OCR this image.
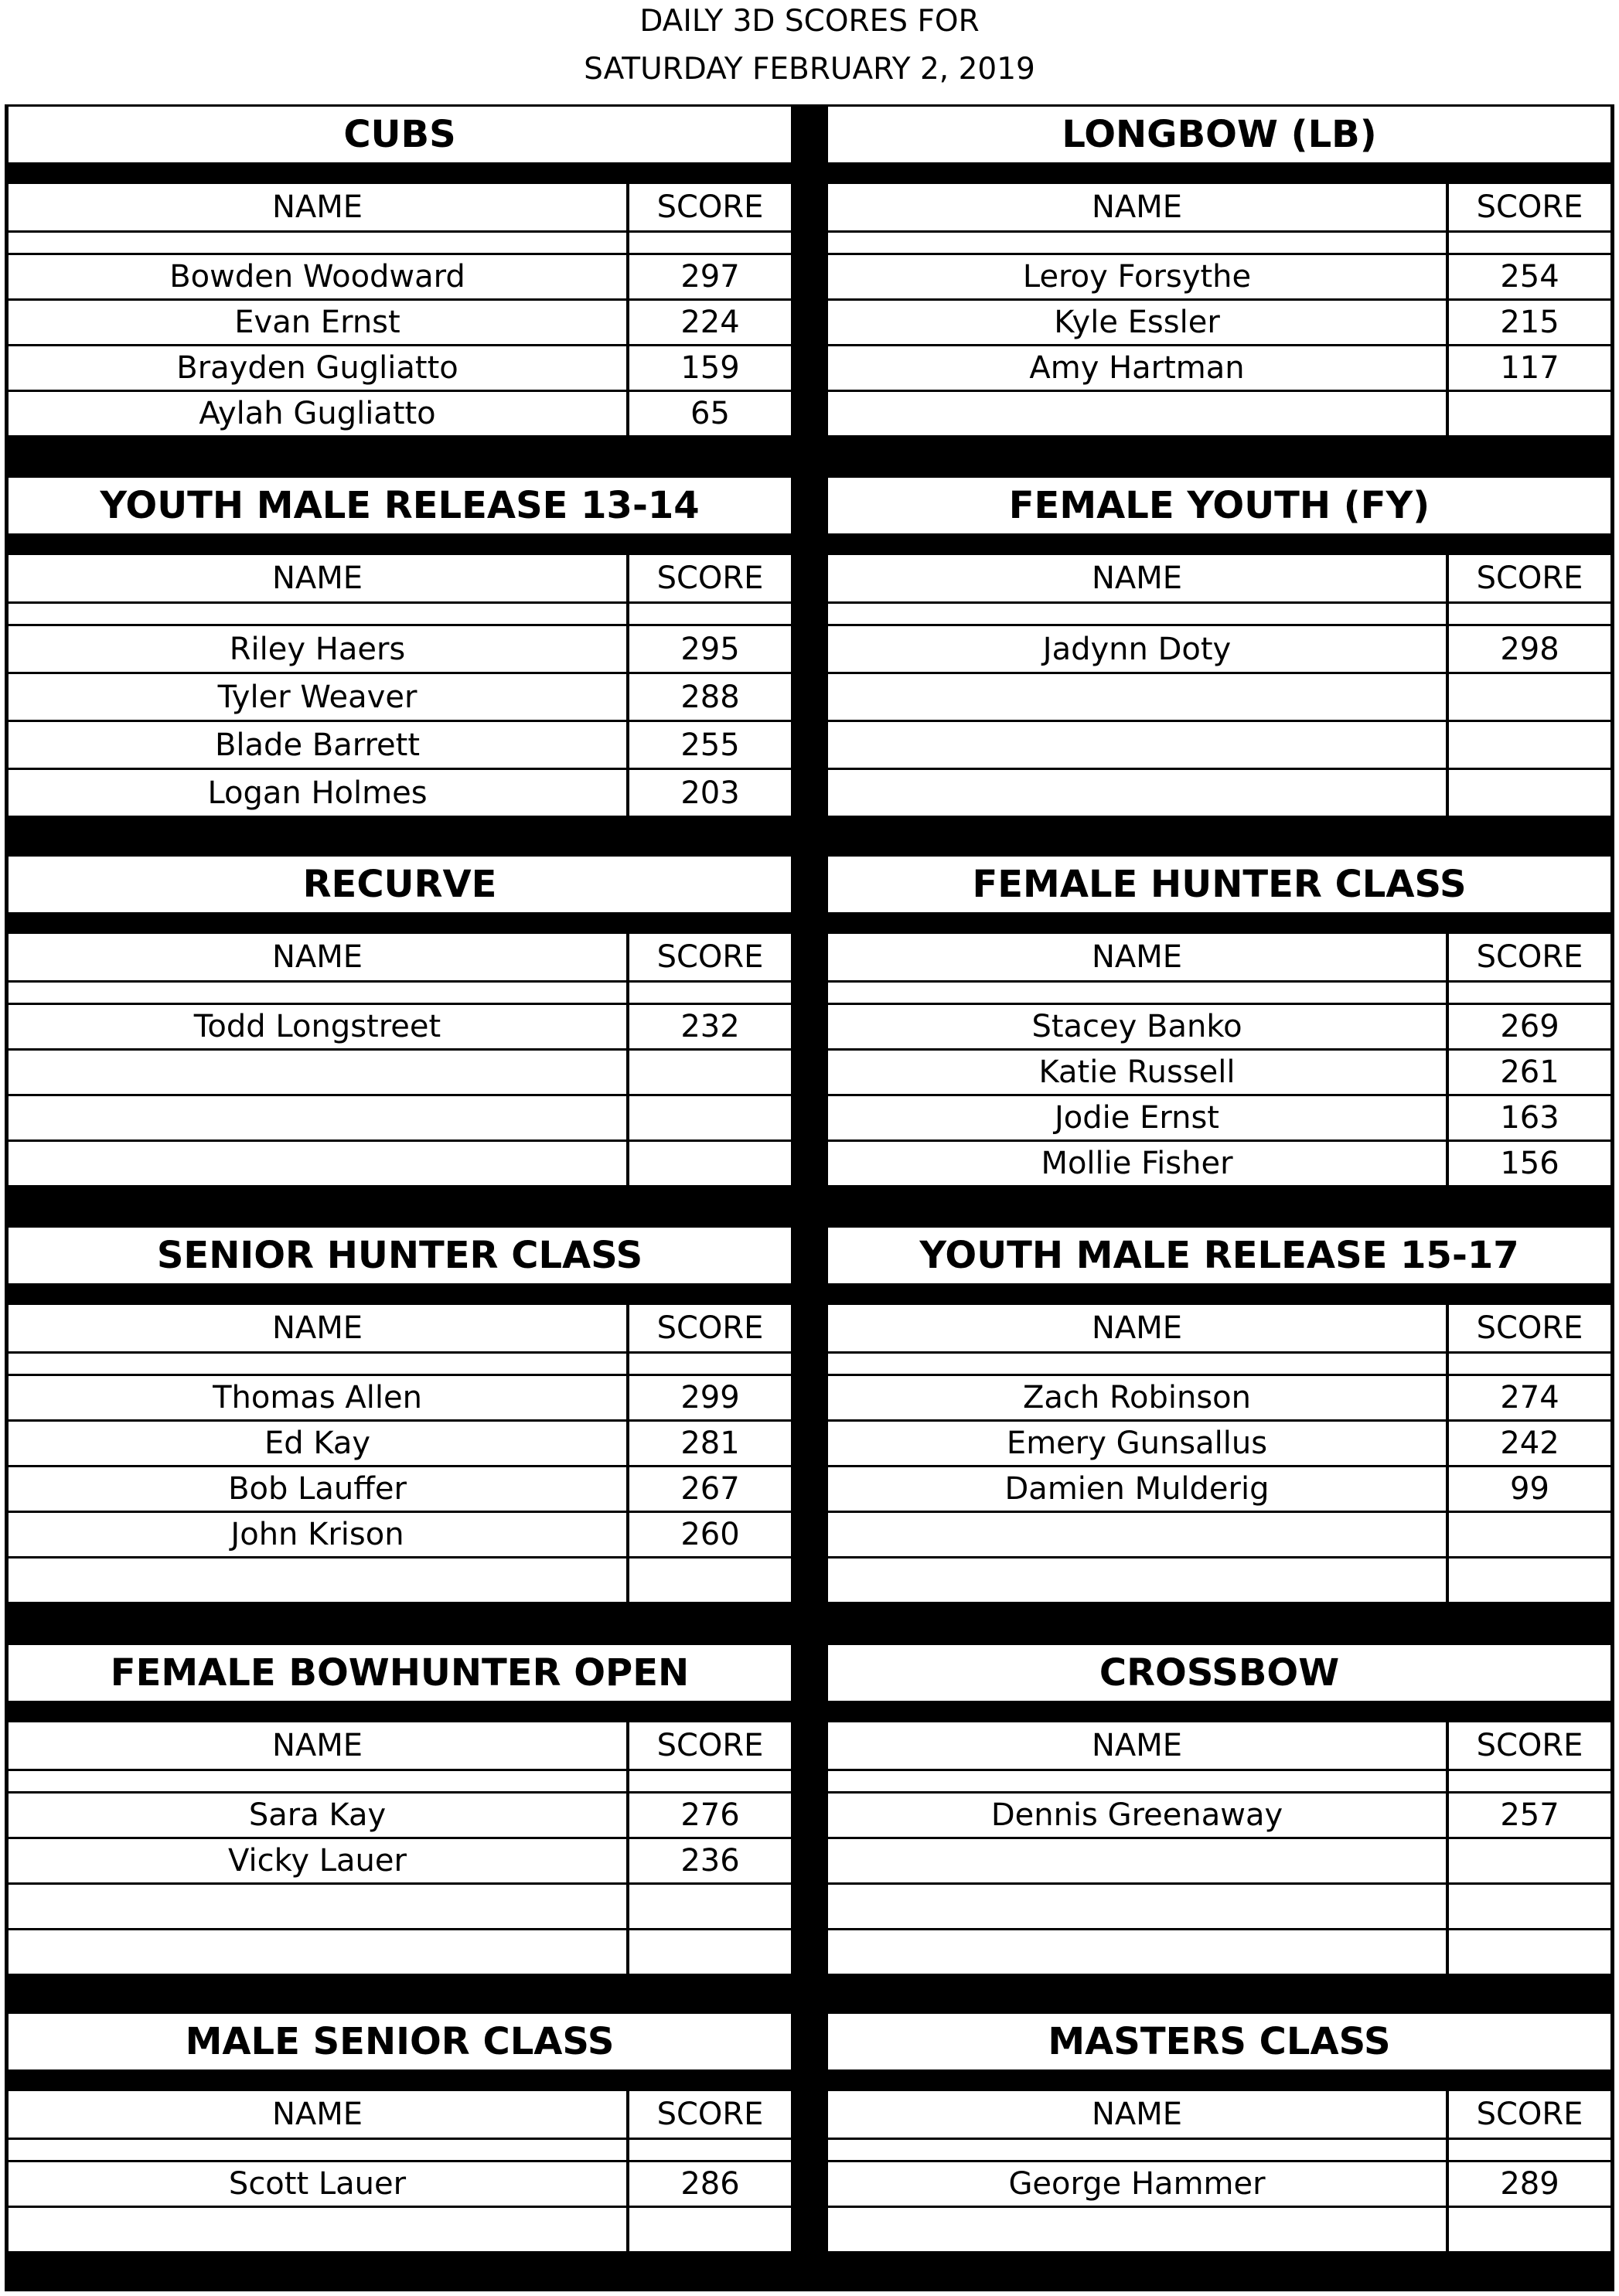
DAILY 3D SCORES FOR
SATURDAY FEBRUARY 2, 2019
CUBS
NAME	SCORE
Bowden Woodward	297
Evan Ernst	224
Brayden Gugliatto	159
Aylah Gugliatto	65
LONGBOW (LB)
NAME	SCORE
Leroy Forsythe	254
Kyle Essler	215
Amy Hartman	117
YOUTH MALE RELEASE 13-14
NAME	SCORE
Riley Haers	295
Tyler Weaver	288
Blade Barrett	255
Logan Holmes	203
FEMALE YOUTH (FY)
NAME	SCORE
Jadynn Doty	298
RECURVE
NAME	SCORE
Todd Longstreet	232
FEMALE HUNTER CLASS
NAME	SCORE
Stacey Banko	269
Katie Russell	261
Jodie Ernst	163
Mollie Fisher	156
SENIOR HUNTER CLASS
NAME	SCORE
Thomas Allen	299
Ed Kay	281
Bob Lauffer	267
John Krison	260
YOUTH MALE RELEASE 15-17
NAME	SCORE
Zach Robinson	274
Emery Gunsallus	242
Damien Mulderig	99
FEMALE BOWHUNTER OPEN
NAME	SCORE
Sara Kay	276
Vicky Lauer	236
CROSSBOW
NAME	SCORE
Dennis Greenaway	257
MALE SENIOR CLASS
NAME	SCORE
Scott Lauer	286
MASTERS CLASS
NAME	SCORE
George Hammer	289
